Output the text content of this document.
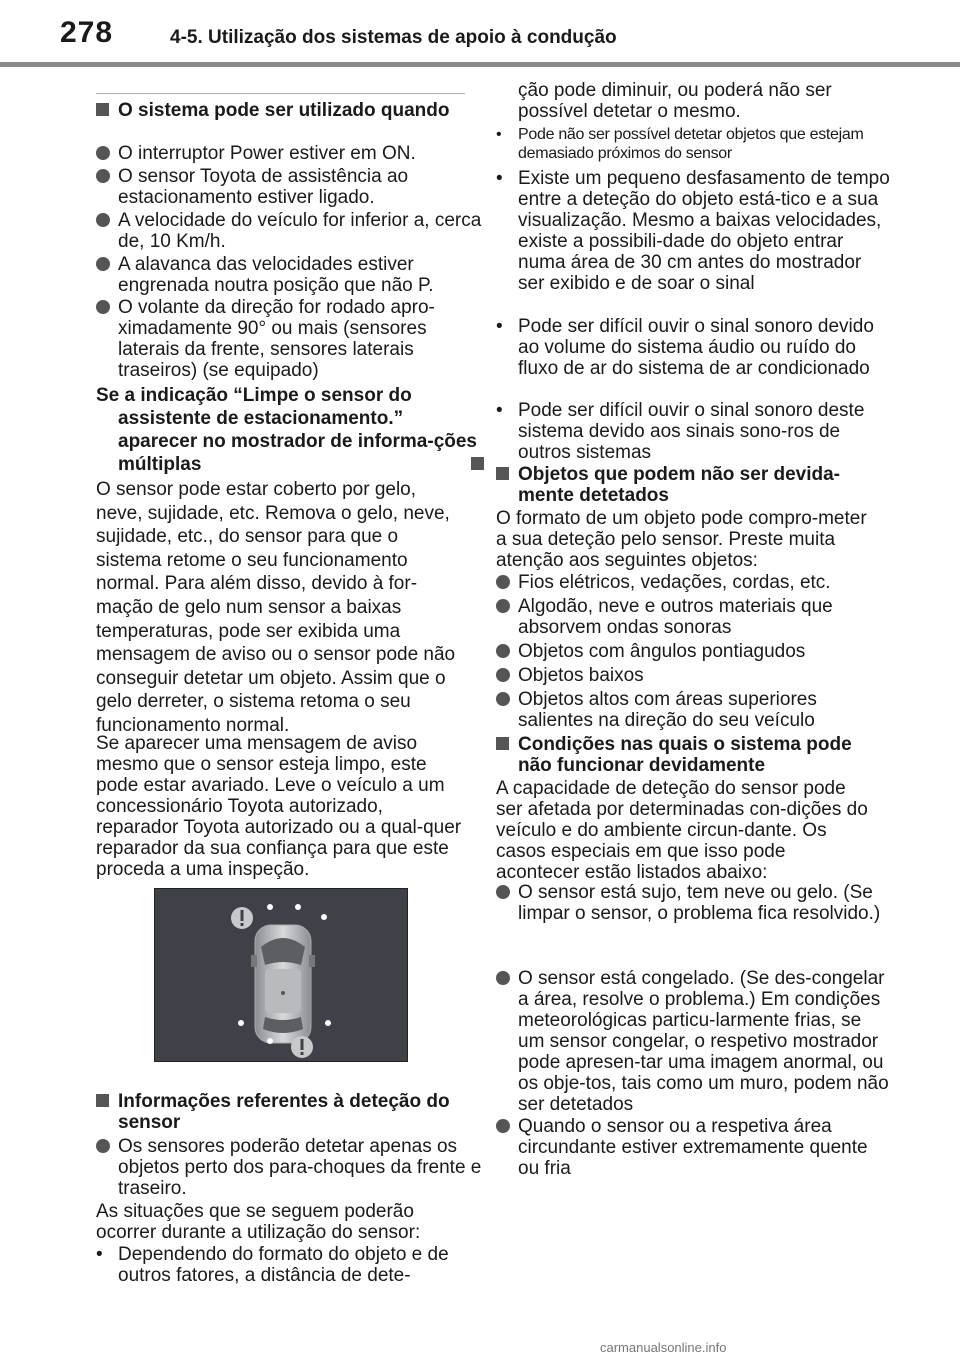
278	4-5. Utilização dos sistemas de apoio à condução
O sistema pode ser utilizado quando
O interruptor Power estiver em ON.
O sensor Toyota de assistência ao estacionamento estiver ligado.
A velocidade do veículo for inferior a, cerca de, 10 Km/h.
A alavanca das velocidades estiver engrenada noutra posição que não P.
O volante da direção for rodado apro-ximadamente 90° ou mais (sensores laterais da frente, sensores laterais traseiros) (se equipado)
Se a indicação “Limpe o sensor do assistente de estacionamento.” aparecer no mostrador de informa-ções múltiplas
O sensor pode estar coberto por gelo, neve, sujidade, etc. Remova o gelo, neve, sujidade, etc., do sensor para que o sistema retome o seu funcionamento normal. Para além disso, devido à for-mação de gelo num sensor a baixas temperaturas, pode ser exibida uma mensagem de aviso ou o sensor pode não conseguir detetar um objeto. Assim que o gelo derreter, o sistema retoma o seu funcionamento normal.
Se aparecer uma mensagem de aviso mesmo que o sensor esteja limpo, este pode estar avariado. Leve o veículo a um concessionário Toyota autorizado, reparador Toyota autorizado ou a qual-quer reparador da sua confiança para que este proceda a uma inspeção.
Informações referentes à deteção do sensor
Os sensores poderão detetar apenas os objetos perto dos para-choques da frente e traseiro.
As situações que se seguem poderão ocorrer durante a utilização do sensor:
• Dependendo do formato do objeto e de outros fatores, a distância de dete-
ção pode diminuir, ou poderá não ser possível detetar o mesmo.
• Pode não ser possível detetar objetos que estejam demasiado próximos do sensor
• Existe um pequeno desfasamento de tempo entre a deteção do objeto está-tico e a sua visualização. Mesmo a baixas velocidades, existe a possibili-dade do objeto entrar numa área de 30 cm antes do mostrador ser exibido e de soar o sinal
• Pode ser difícil ouvir o sinal sonoro devido ao volume do sistema áudio ou ruído do fluxo de ar do sistema de ar condicionado
• Pode ser difícil ouvir o sinal sonoro deste sistema devido aos sinais sono-ros de outros sistemas
Objetos que podem não ser devida-mente detetados
O formato de um objeto pode compro-meter a sua deteção pelo sensor. Preste muita atenção aos seguintes objetos:
Fios elétricos, vedações, cordas, etc.
Algodão, neve e outros materiais que absorvem ondas sonoras
Objetos com ângulos pontiagudos
Objetos baixos
Objetos altos com áreas superiores salientes na direção do seu veículo
Condições nas quais o sistema pode não funcionar devidamente
A capacidade de deteção do sensor pode ser afetada por determinadas con-dições do veículo e do ambiente circun-dante. Os casos especiais em que isso pode acontecer estão listados abaixo:
O sensor está sujo, tem neve ou gelo. (Se limpar o sensor, o problema fica resolvido.)
O sensor está congelado. (Se des-congelar a área, resolve o problema.) Em condições meteorológicas particu-larmente frias, se um sensor congelar, o respetivo mostrador pode apresen-tar uma imagem anormal, ou os obje-tos, tais como um muro, podem não ser detetados
Quando o sensor ou a respetiva área circundante estiver extremamente quente ou fria
carmanualsonline.info
